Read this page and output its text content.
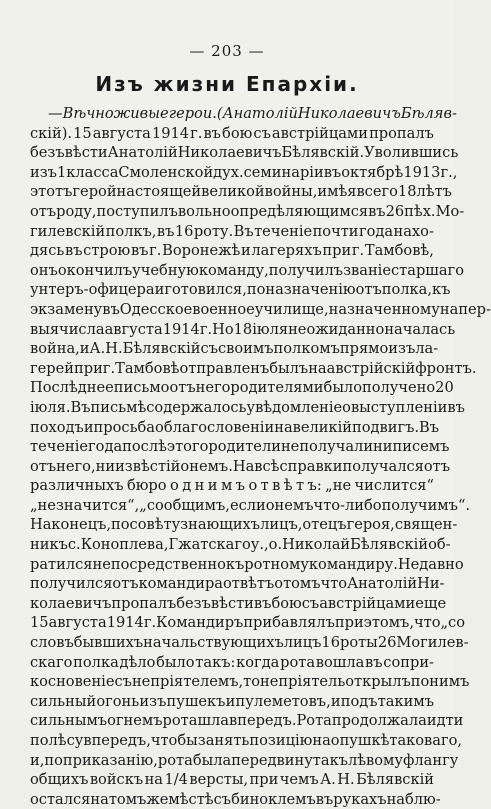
— 203 —
Изъ жизни Епархіи.
— Вѣчно живые герои. (Анатолій Николаевичъ Бѣляв-
скій). 15 августа 1914 г. въ бою съ австрійцами пропалъ
безъ вѣсти Анатолій Николаевичъ Бѣлявскій. Уволившись
изъ 1 класса Смоленской дух. семинаріи въ октябрѣ 1913 г.,
этотъ герой настоящей великой войны, имѣя всего 18 лѣтъ
отъ роду, поступилъ вольноопредѣляющимся въ 26 пѣх. Мо-
гилевскій полкъ, въ 16 роту. Въ теченіе почти года нахо-
дясь въ строю въ г. Воронежѣ и лагеряхъ при г. Тамбовѣ,
онъ окончилъ учебную команду, получилъ званіе старшаго
унтеръ-офицера и готовился, по назначенію отъ полка, къ
экзамену въ Одесское военное училище, назначенному на пер-
выя числа августа 1914 г. Но 18 іюля неожиданно началась
война, и А. Н. Бѣлявскій съ своимъ полкомъ прямо изъ ла-
герей при г. Тамбовѣ отправленъ былъ на австрійскій фронтъ.
Послѣднее письмо отъ него родителями было получено 20
іюля. Въ письмѣ содержалось увѣдомленіе о выступленіи въ
походъ и просьба о благословеніи на великій подвигъ. Въ
теченіе года послѣ этого родители не получали ни писемъ
отъ него, ни извѣстій о немъ. На всѣ справки получался отъ
различныхъ бюро о д н и м ъ о т в ѣ т ъ: „не числится“
„не значится“, „сообщимъ, если о немъ что-либо получимъ“.
Наконецъ, по совѣту знающихъ лицъ, отецъ героя, священ-
никъ с. Коноплева, Гжатскаго у., о. Николай Бѣлявскій об-
ратился непосредственно къ ротному командиру. Недавно
получился отъ командира отвѣтъ о томъ что Анатолій Ни-
колаевичъ пропалъ безъ вѣсти въ бою съ австрійцами еще
15 августа 1914 г. Командиръ прибавлялъ при этомъ, что „со
словъ бывшихъ начальствующихъ лицъ 16 роты 26 Могилев-
скаго полка дѣло было такъ: когда рота вошла въ сопри-
косновеніе съ непріятелемъ, то непріятель открылъ по нимъ
сильный огонь изъ пушекъ и пулеметовъ, и подъ такимъ
сильнымъ огнемъ рота шла впередъ. Рота продолжала идти
по лѣсу впередъ, чтобы занять позицію на опушкѣ таковаго,
и, по приказанію, рота была передвинута къ лѣвому флангу
общихъ войскъ на 1/4 версты, при чемъ А. Н. Бѣлявскій
остался на томъ же мѣстѣ съ биноклемъ въ рукахъ наблю-
